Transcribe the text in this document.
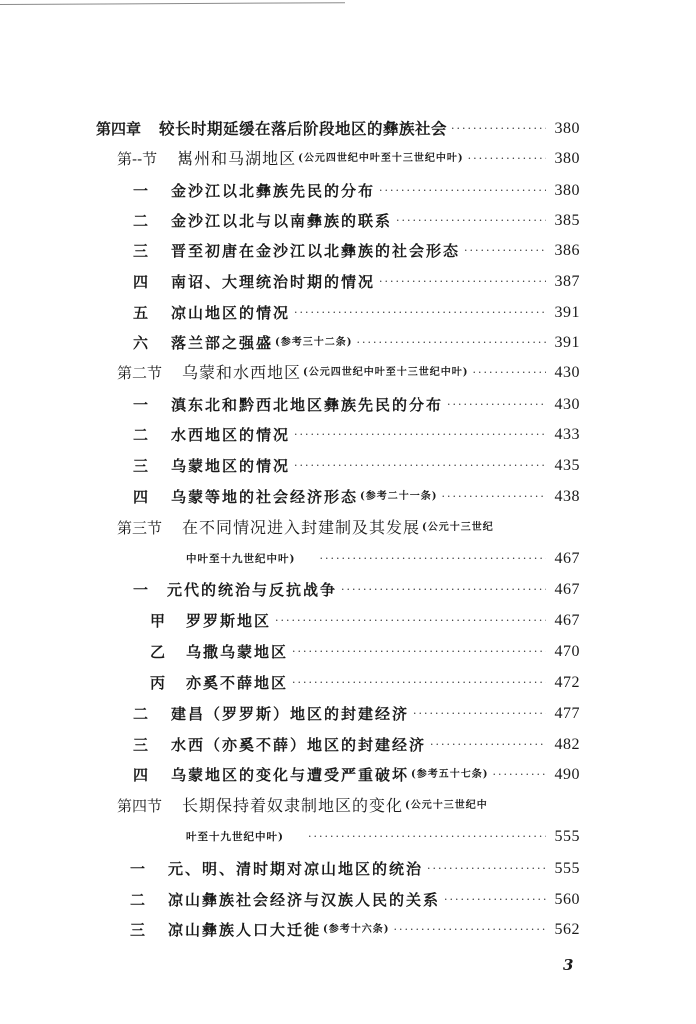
第四章 较长时期延缓在落后阶段地区的彝族社会 ·····	380
第--节 嶲州和马湖地区 (公元四世纪中叶至十三世纪中叶) ·····	380
一	金沙江以北彝族先民的分布 ·····	380
二	金沙江以北与以南彝族的联系 ·····	385
三	晋至初唐在金沙江以北彝族的社会形态 ·····	386
四	南诏、大理统治时期的情况 ·····	387
五	凉山地区的情况 ·····	391
六	落兰部之强盛 (参考三十二条) ·····	391
第二节 乌蒙和水西地区 (公元四世纪中叶至十三世纪中叶) ·····	430
一	滇东北和黔西北地区彝族先民的分布 ·····	430
二	水西地区的情况 ·····	433
三	乌蒙地区的情况 ·····	435
四	乌蒙等地的社会经济形态 (参考二十一条) ·····	438
第三节 在不同情况进入封建制及其发展 (公元十三世纪
中叶至十九世纪中叶) ·····	467
一	元代的统治与反抗战争 ·····	467
甲	罗罗斯地区 ·····	467
乙	乌撒乌蒙地区 ·····	470
丙	亦奚不薛地区 ·····	472
二	建昌（罗罗斯）地区的封建经济 ·····	477
三	水西（亦奚不薛）地区的封建经济 ·····	482
四	乌蒙地区的变化与遭受严重破坏 (参考五十七条) ·····	490
第四节 长期保持着奴隶制地区的变化 (公元十三世纪中
叶至十九世纪中叶) ·····	555
一	元、明、清时期对凉山地区的统治 ·····	555
二	凉山彝族社会经济与汉族人民的关系 ·····	560
三	凉山彝族人口大迁徙 (参考十六条) ·····	562
3
